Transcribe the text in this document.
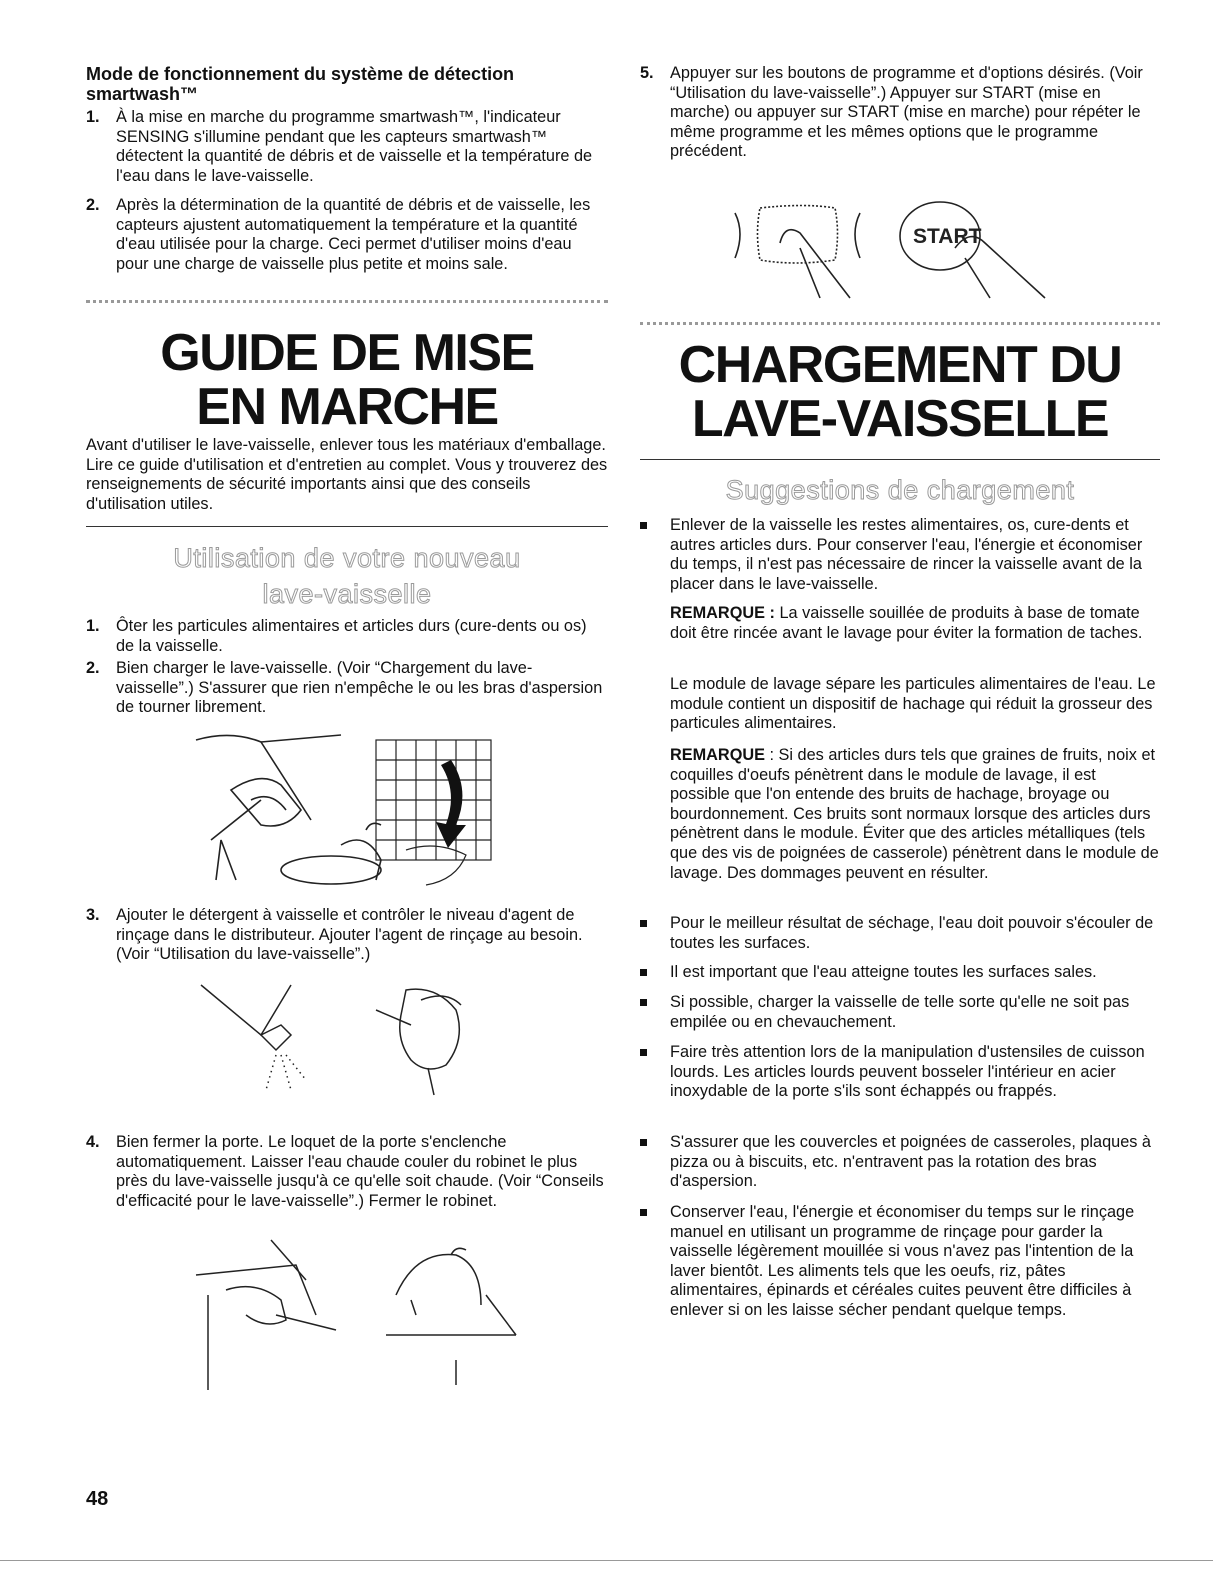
Mode de fonctionnement du système de détection smartwash™
1. À la mise en marche du programme smartwash™, l'indicateur SENSING s'illumine pendant que les capteurs smartwash™ détectent la quantité de débris et de vaisselle et la température de l'eau dans le lave-vaisselle.
2. Après la détermination de la quantité de débris et de vaisselle, les capteurs ajustent automatiquement la température et la quantité d'eau utilisée pour la charge. Ceci permet d'utiliser moins d'eau pour une charge de vaisselle plus petite et moins sale.
GUIDE DE MISE
EN MARCHE

Avant d'utiliser le lave-vaisselle, enlever tous les matériaux d'emballage. Lire ce guide d'utilisation et d'entretien au complet. Vous y trouverez des renseignements de sécurité importants ainsi que des conseils d'utilisation utiles.

Utilisation de votre nouveau
lave-vaisselle
1. Ôter les particules alimentaires et articles durs (cure-dents ou os) de la vaisselle.
2. Bien charger le lave-vaisselle. (Voir “Chargement du lave-vaisselle”.) S'assurer que rien n'empêche le ou les bras d'aspersion de tourner librement.
3. Ajouter le détergent à vaisselle et contrôler le niveau d'agent de rinçage dans le distributeur. Ajouter l'agent de rinçage au besoin. (Voir “Utilisation du lave-vaisselle”.)
4. Bien fermer la porte. Le loquet de la porte s'enclenche automatiquement. Laisser l'eau chaude couler du robinet le plus près du lave-vaisselle jusqu'à ce qu'elle soit chaude. (Voir “Conseils d'efficacité pour le lave-vaisselle”.) Fermer le robinet.
5. Appuyer sur les boutons de programme et d'options désirés. (Voir “Utilisation du lave-vaisselle”.) Appuyer sur START (mise en marche) ou appuyer sur START (mise en marche) pour répéter le même programme et les mêmes options que le programme précédent.
START
CHARGEMENT DU
LAVE-VAISSELLE
Suggestions de chargement
Enlever de la vaisselle les restes alimentaires, os, cure-dents et autres articles durs. Pour conserver l'eau, l'énergie et économiser du temps, il n'est pas nécessaire de rincer la vaisselle avant de la placer dans le lave-vaisselle.

REMARQUE : La vaisselle souillée de produits à base de tomate doit être rincée avant le lavage pour éviter la formation de taches.

Le module de lavage sépare les particules alimentaires de l'eau. Le module contient un dispositif de hachage qui réduit la grosseur des particules alimentaires.

REMARQUE : Si des articles durs tels que graines de fruits, noix et coquilles d'oeufs pénètrent dans le module de lavage, il est possible que l'on entende des bruits de hachage, broyage ou bourdonnement. Ces bruits sont normaux lorsque des articles durs pénètrent dans le module. Éviter que des articles métalliques (tels que des vis de poignées de casserole) pénètrent dans le module de lavage. Des dommages peuvent en résulter.

Pour le meilleur résultat de séchage, l'eau doit pouvoir s'écouler de toutes les surfaces.
Il est important que l'eau atteigne toutes les surfaces sales.
Si possible, charger la vaisselle de telle sorte qu'elle ne soit pas empilée ou en chevauchement.
Faire très attention lors de la manipulation d'ustensiles de cuisson lourds. Les articles lourds peuvent bosseler l'intérieur en acier inoxydable de la porte s'ils sont échappés ou frappés.
S'assurer que les couvercles et poignées de casseroles, plaques à pizza ou à biscuits, etc. n'entravent pas la rotation des bras d'aspersion.
Conserver l'eau, l'énergie et économiser du temps sur le rinçage manuel en utilisant un programme de rinçage pour garder la vaisselle légèrement mouillée si vous n'avez pas l'intention de la laver bientôt. Les aliments tels que les oeufs, riz, pâtes alimentaires, épinards et céréales cuites peuvent être difficiles à enlever si on les laisse sécher pendant quelque temps.
48
